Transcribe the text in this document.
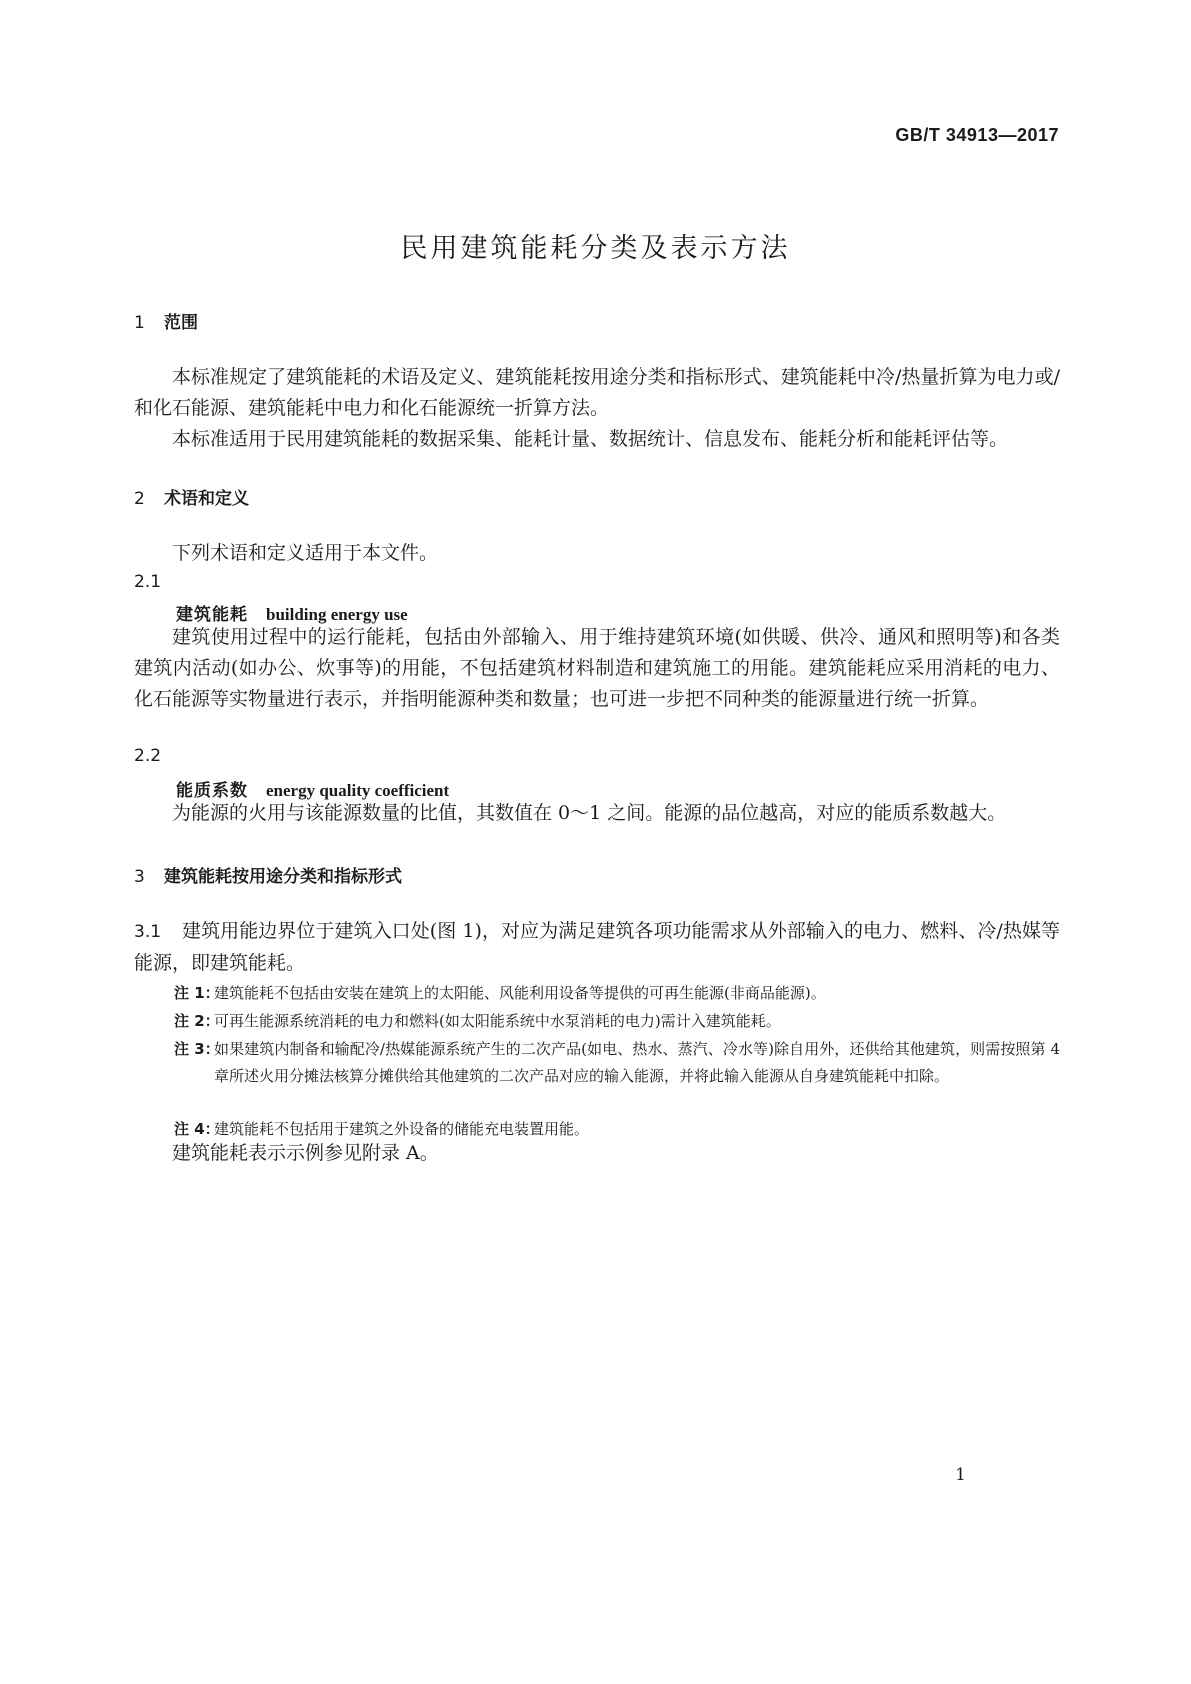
GB/T 34913—2017
民用建筑能耗分类及表示方法
1 范围
本标准规定了建筑能耗的术语及定义、建筑能耗按用途分类和指标形式、建筑能耗中冷/热量折算为电力或/和化石能源、建筑能耗中电力和化石能源统一折算方法。
本标准适用于民用建筑能耗的数据采集、能耗计量、数据统计、信息发布、能耗分析和能耗评估等。
2 术语和定义
下列术语和定义适用于本文件。
2.1
建筑能耗 building energy use
建筑使用过程中的运行能耗，包括由外部输入、用于维持建筑环境(如供暖、供冷、通风和照明等)和各类建筑内活动(如办公、炊事等)的用能，不包括建筑材料制造和建筑施工的用能。建筑能耗应采用消耗的电力、化石能源等实物量进行表示，并指明能源种类和数量；也可进一步把不同种类的能源量进行统一折算。
2.2
能质系数 energy quality coefficient
为能源的火用与该能源数量的比值，其数值在 0～1 之间。能源的品位越高，对应的能质系数越大。
3 建筑能耗按用途分类和指标形式
3.1 建筑用能边界位于建筑入口处(图 1)，对应为满足建筑各项功能需求从外部输入的电力、燃料、冷/热媒等能源，即建筑能耗。
注 1：
建筑能耗不包括由安装在建筑上的太阳能、风能利用设备等提供的可再生能源(非商品能源)。
注 2：
可再生能源系统消耗的电力和燃料(如太阳能系统中水泵消耗的电力)需计入建筑能耗。
注 3：
如果建筑内制备和输配冷/热媒能源系统产生的二次产品(如电、热水、蒸汽、冷水等)除自用外，还供给其他建筑，则需按照第 4 章所述火用分摊法核算分摊供给其他建筑的二次产品对应的输入能源，并将此输入能源从自身建筑能耗中扣除。
注 4：
建筑能耗不包括用于建筑之外设备的储能充电装置用能。
建筑能耗表示示例参见附录 A。
1
